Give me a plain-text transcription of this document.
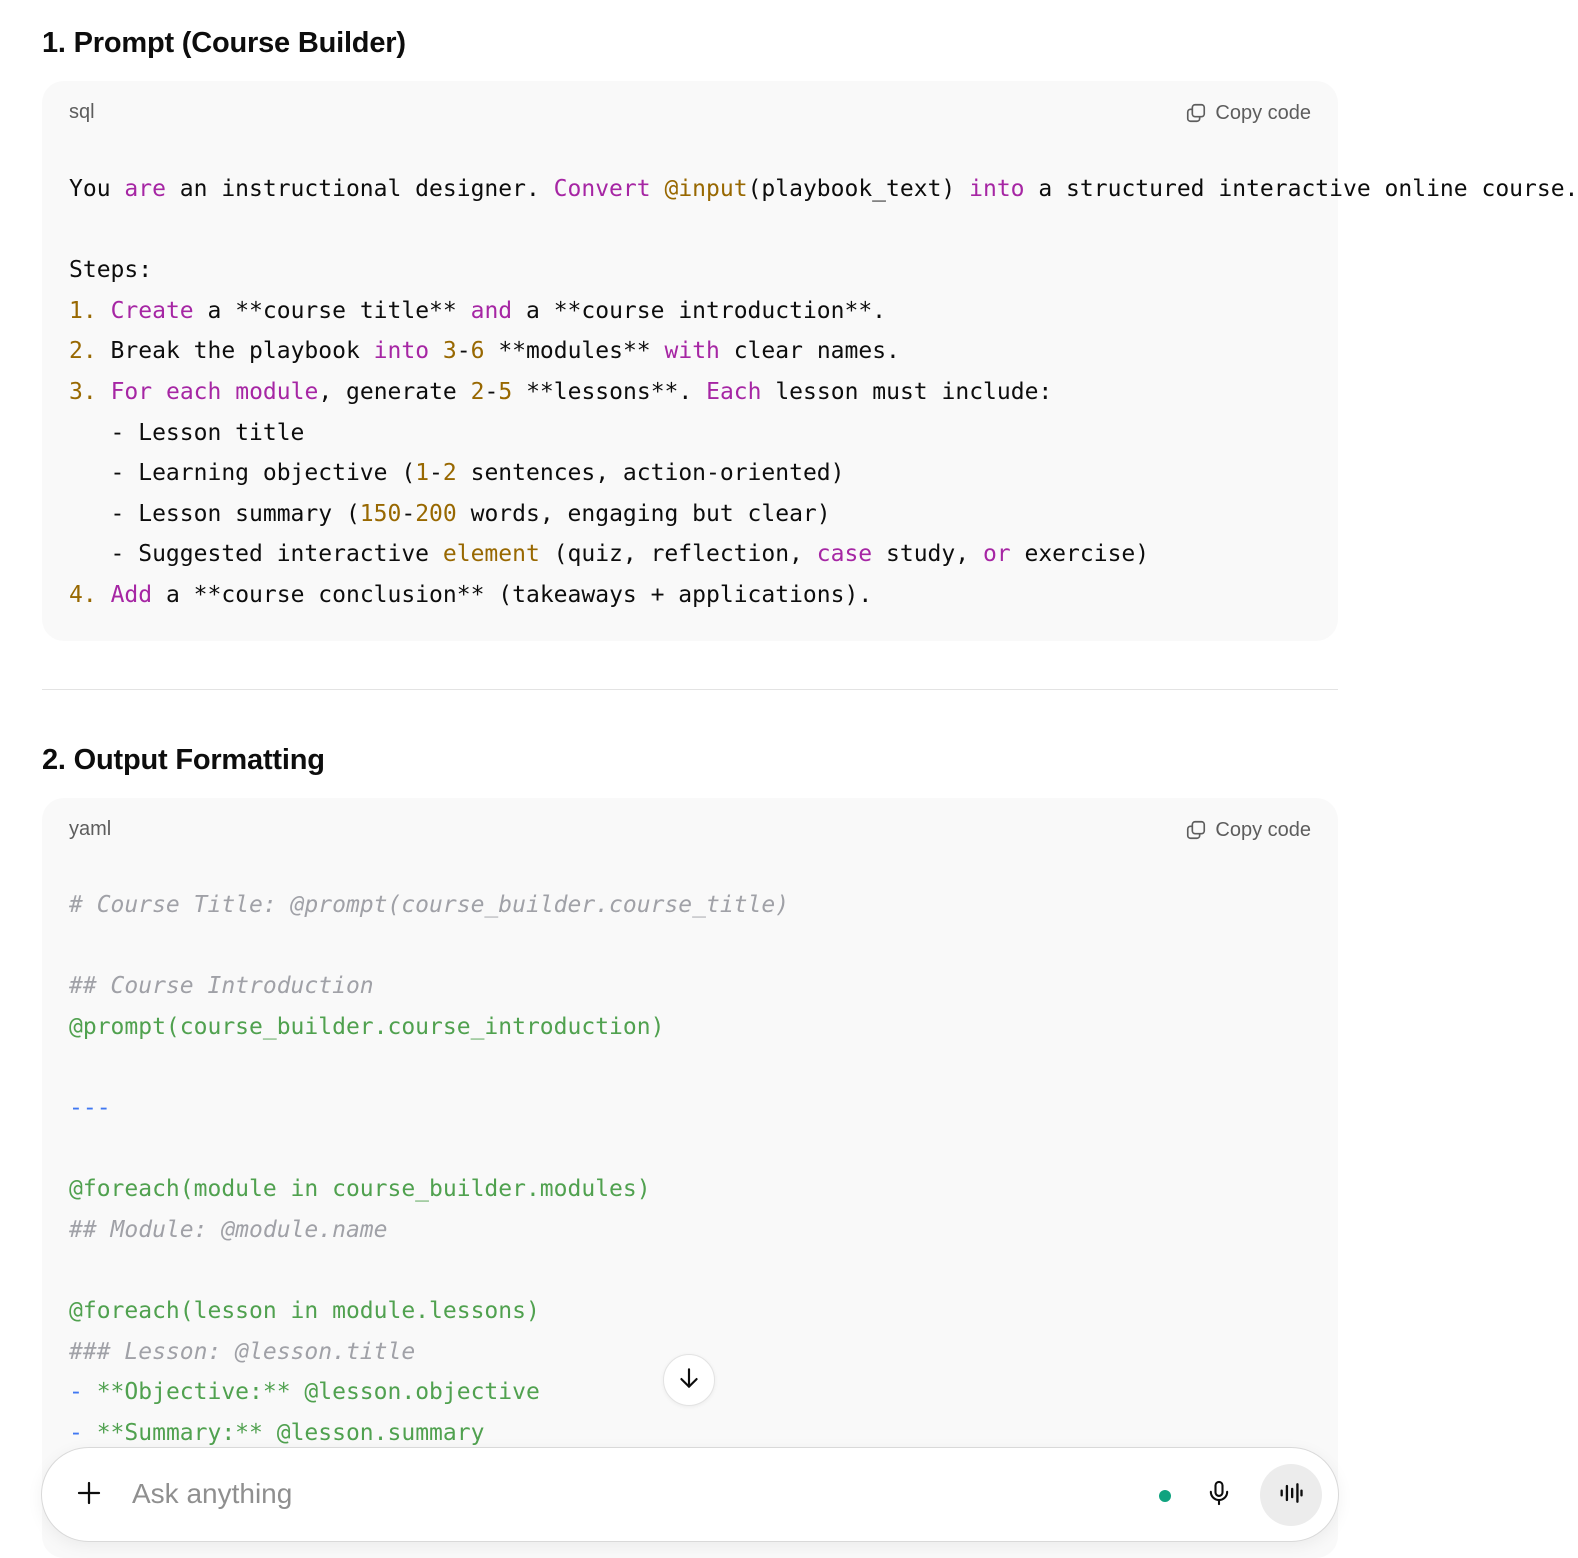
1. Prompt (Course Builder)
sql	Copy code
You are an instructional designer. Convert @input(playbook_text) into a structured interactive online course.

Steps:
1. Create a **course title** and a **course introduction**.
2. Break the playbook into 3-6 **modules** with clear names.
3. For each module, generate 2-5 **lessons**. Each lesson must include:
- Lesson title
- Learning objective (1-2 sentences, action-oriented)
- Lesson summary (150-200 words, engaging but clear)
- Suggested interactive element (quiz, reflection, case study, or exercise)
4. Add a **course conclusion** (takeaways + applications).
2. Output Formatting
yaml	Copy code
# Course Title: @prompt(course_builder.course_title)

## Course Introduction
@prompt(course_builder.course_introduction)

---

@foreach(module in course_builder.modules)
## Module: @module.name

@foreach(lesson in module.lessons)
### Lesson: @lesson.title
- **Objective:** @lesson.objective
- **Summary:** @lesson.summary
Ask anything
